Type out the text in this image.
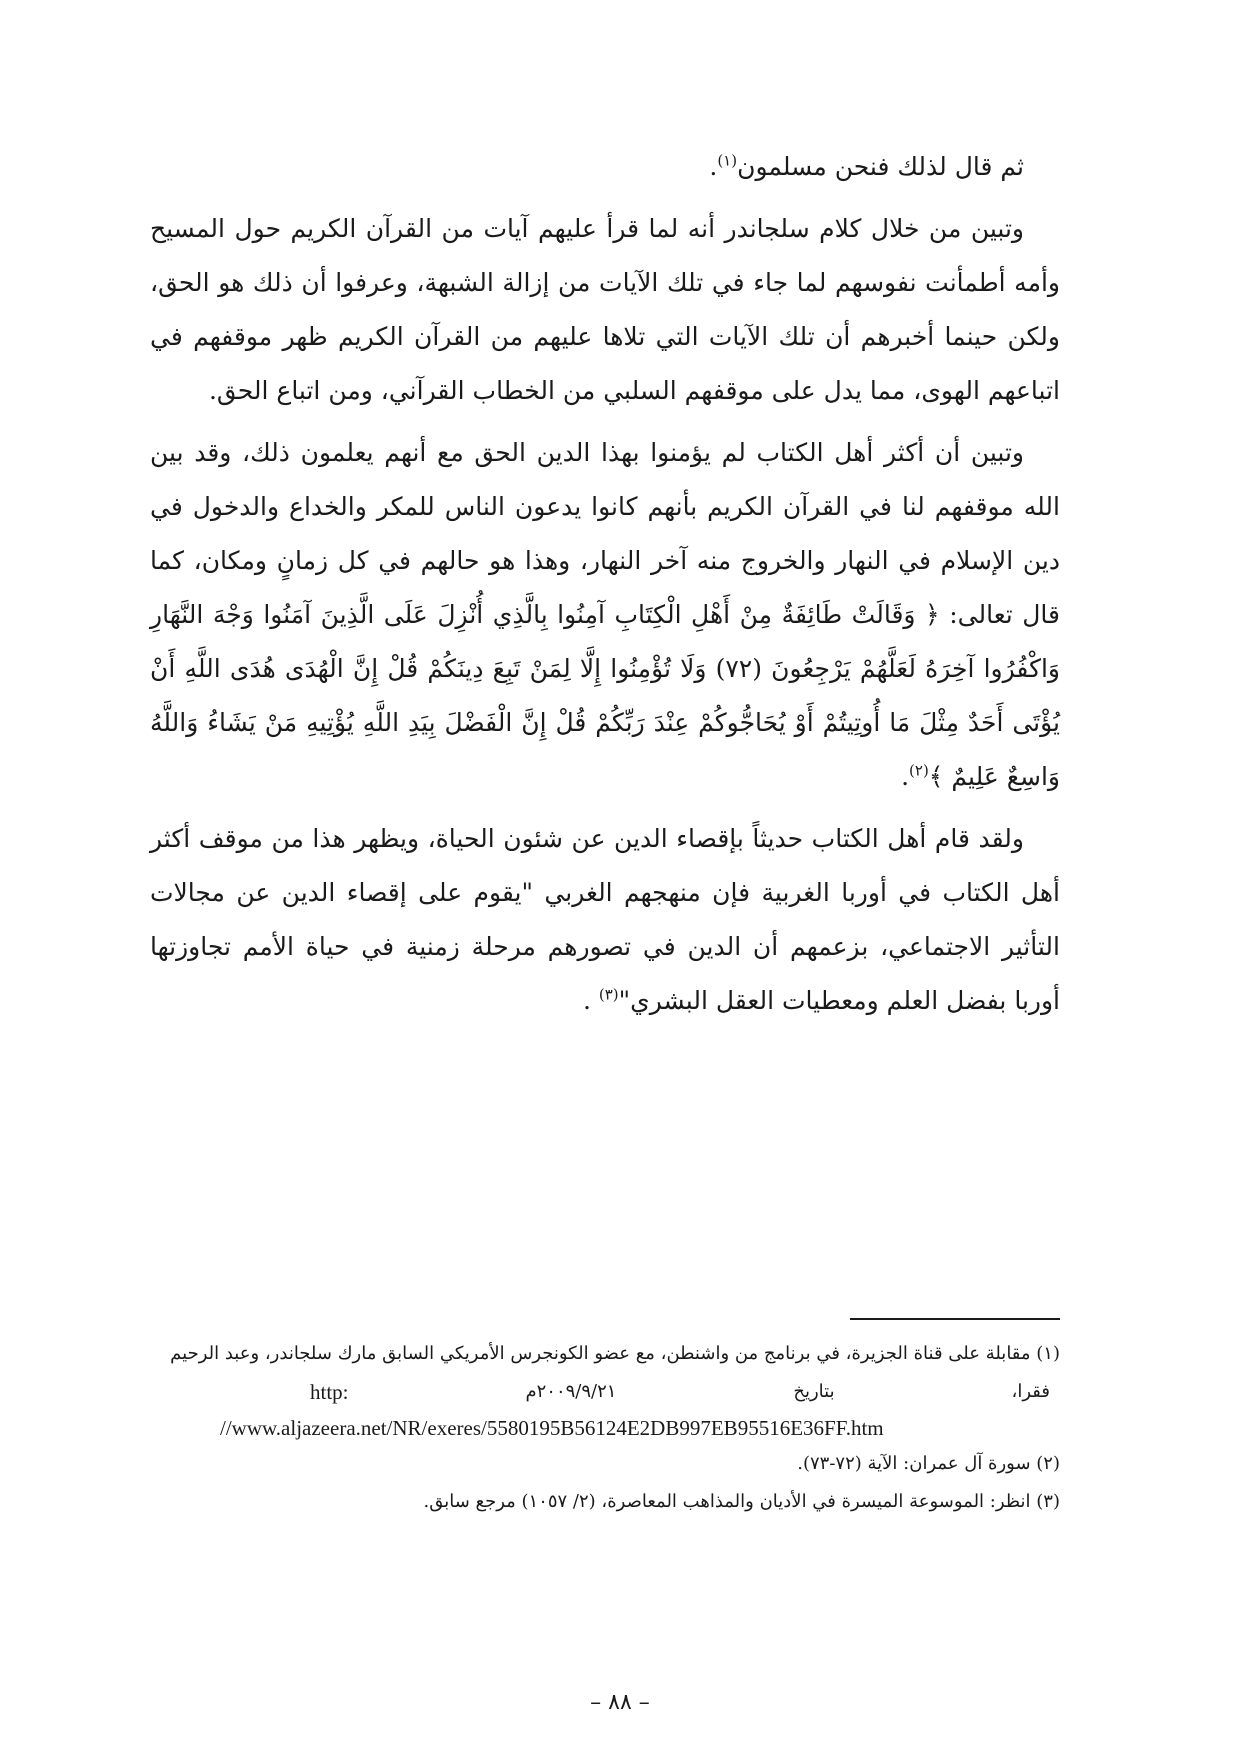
ثم قال لذلك فنحن مسلمون$^{(١)}$.

وتبين من خلال كلام سلجاندر أنه لما قرأ عليهم آيات من القرآن الكريم حول المسيح وأمه أطمأنت نفوسهم لما جاء في تلك الآيات من إزالة الشبهة، وعرفوا أن ذلك هو الحق، ولكن حينما أخبرهم أن تلك الآيات التي تلاها عليهم من القرآن الكريم ظهر موقفهم في اتباعهم الهوى، مما يدل على موقفهم السلبي من الخطاب القرآني، ومن اتباع الحق.

وتبين أن أكثر أهل الكتاب لم يؤمنوا بهذا الدين الحق مع أنهم يعلمون ذلك، وقد بين الله موقفهم لنا في القرآن الكريم بأنهم كانوا يدعون الناس للمكر والخداع والدخول في دين الإسلام في النهار والخروج منه آخر النهار، وهذا هو حالهم في كل زمانٍ ومكان، كما قال تعالى: ﴿ وَقَالَتْ طَائِفَةٌ مِنْ أَهْلِ الْكِتَابِ آمِنُوا بِالَّذِي أُنْزِلَ عَلَى الَّذِينَ آمَنُوا وَجْهَ النَّهَارِ وَاكْفُرُوا آخِرَهُ لَعَلَّهُمْ يَرْجِعُونَ (٧٢) وَلَا تُؤْمِنُوا إِلَّا لِمَنْ تَبِعَ دِينَكُمْ قُلْ إِنَّ الْهُدَى هُدَى اللَّهِ أَنْ يُؤْتَى أَحَدٌ مِثْلَ مَا أُوتِيتُمْ أَوْ يُحَاجُّوكُمْ عِنْدَ رَبِّكُمْ قُلْ إِنَّ الْفَضْلَ بِيَدِ اللَّهِ يُؤْتِيهِ مَنْ يَشَاءُ وَاللَّهُ وَاسِعٌ عَلِيمٌ ﴾$^{(٢)}$.

ولقد قام أهل الكتاب حديثاً بإقصاء الدين عن شئون الحياة، ويظهر هذا من موقف أكثر أهل الكتاب في أوربا الغربية فإن منهجهم الغربي "يقوم على إقصاء الدين عن مجالات التأثير الاجتماعي، بزعمهم أن الدين في تصورهم مرحلة زمنية في حياة الأمم تجاوزتها أوربا بفضل العلم ومعطيات العقل البشري"$^{(٣)}$ .

(١) مقابلة على قناة الجزيرة، في برنامج من واشنطن، مع عضو الكونجرس الأمريكي السابق مارك سلجاندر، وعبد الرحيم

فقرا،
بتاريخ
٢٠٠٩/٩/٢١م
http:
//www.aljazeera.net/NR/exeres/5580195B56124E2DB997EB95516E36FF.htm

(٢) سورة آل عمران: الآية (٧٢-٧٣).

(٣) انظر: الموسوعة الميسرة في الأديان والمذاهب المعاصرة، (٢/ ١٠٥٧) مرجع سابق.

– ٨٨ –
